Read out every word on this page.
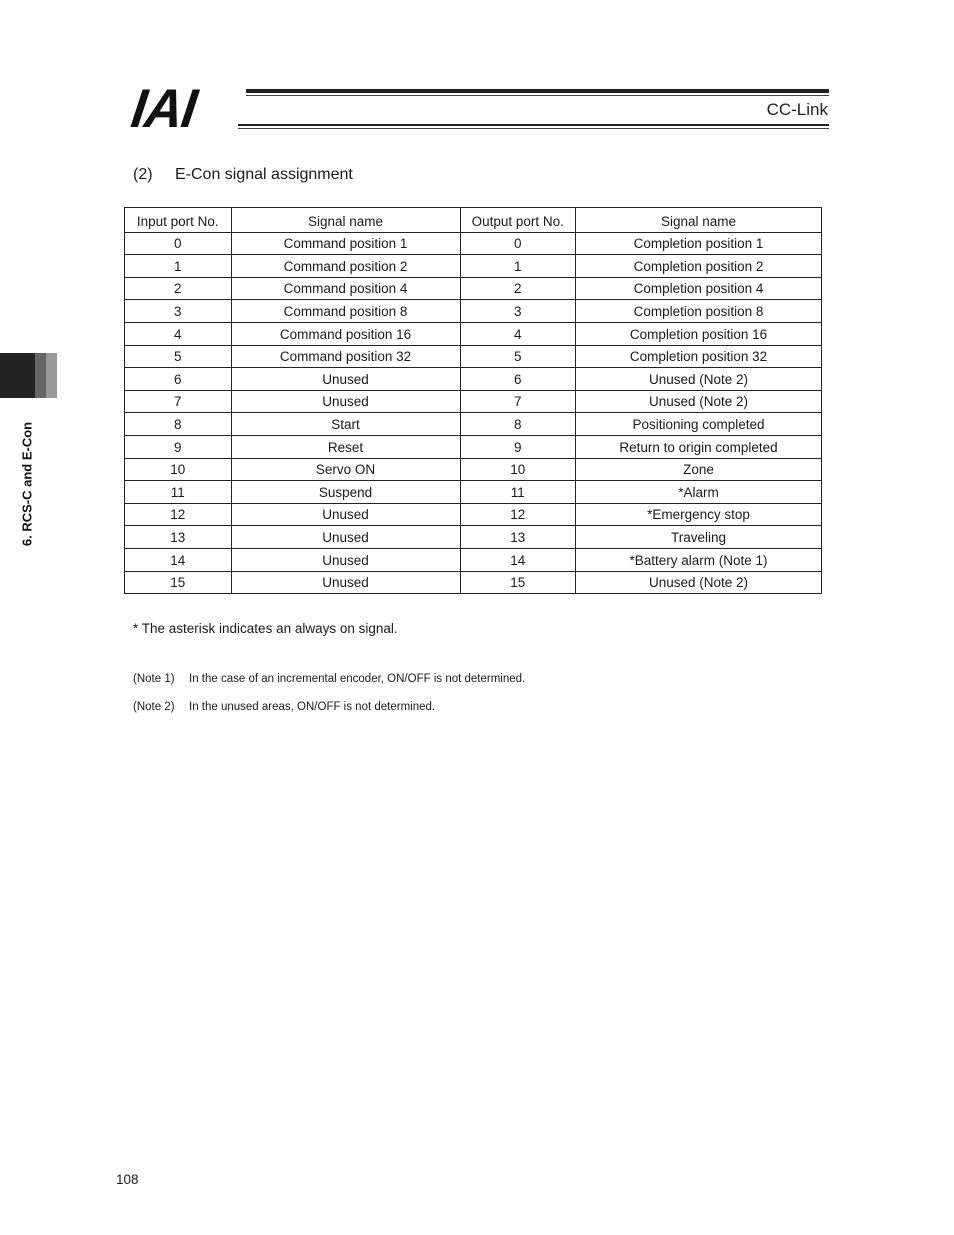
IAI	CC-Link
(2) E-Con signal assignment
Input port No.	Signal name	Output port No.	Signal name
0	Command position 1	0	Completion position 1
1	Command position 2	1	Completion position 2
2	Command position 4	2	Completion position 4
3	Command position 8	3	Completion position 8
4	Command position 16	4	Completion position 16
5	Command position 32	5	Completion position 32
6	Unused	6	Unused (Note 2)
7	Unused	7	Unused (Note 2)
8	Start	8	Positioning completed
9	Reset	9	Return to origin completed
10	Servo ON	10	Zone
11	Suspend	11	*Alarm
12	Unused	12	*Emergency stop
13	Unused	13	Traveling
14	Unused	14	*Battery alarm (Note 1)
15	Unused	15	Unused (Note 2)
* The asterisk indicates an always on signal.
(Note 1) In the case of an incremental encoder, ON/OFF is not determined.
(Note 2) In the unused areas, ON/OFF is not determined.
6. RCS-C and E-Con
108
